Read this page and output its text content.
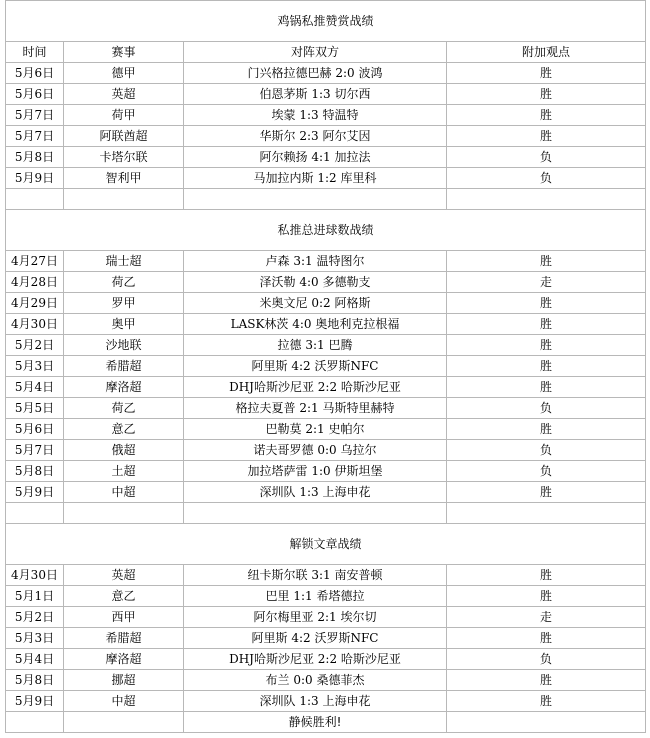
鸡锅私推赞赏战绩			
时间	赛事	对阵双方	附加观点
5月6日	德甲	门兴格拉德巴赫 2:0 波鸿	胜
5月6日	英超	伯恩茅斯 1:3 切尔西	胜
5月7日	荷甲	埃蒙 1:3 特温特	胜
5月7日	阿联酋超	华斯尔 2:3 阿尔艾因	胜
5月8日	卡塔尔联	阿尔赖扬 4:1 加拉法	负
5月9日	智利甲	马加拉内斯 1:2 库里科	负

私推总进球数战绩			
4月27日	瑞士超	卢森 3:1 温特图尔	胜
4月28日	荷乙	泽沃勒 4:0 多德勒支	走
4月29日	罗甲	米奥文尼 0:2 阿格斯	胜
4月30日	奥甲	LASK林茨 4:0 奥地利克拉根福	胜
5月2日	沙地联	拉德 3:1 巴腾	胜
5月3日	希腊超	阿里斯 4:2 沃罗斯NFC	胜
5月4日	摩洛超	DHJ哈斯沙尼亚 2:2 哈斯沙尼亚	胜
5月5日	荷乙	格拉夫夏普 2:1 马斯特里赫特	负
5月6日	意乙	巴勒莫 2:1 史帕尔	胜
5月7日	俄超	诺夫哥罗德 0:0 乌拉尔	负
5月8日	土超	加拉塔萨雷 1:0 伊斯坦堡	负
5月9日	中超	深圳队 1:3 上海申花	胜

解锁文章战绩			
4月30日	英超	纽卡斯尔联 3:1 南安普顿	胜
5月1日	意乙	巴里 1:1 希塔德拉	胜
5月2日	西甲	阿尔梅里亚 2:1 埃尔切	走
5月3日	希腊超	阿里斯 4:2 沃罗斯NFC	胜
5月4日	摩洛超	DHJ哈斯沙尼亚 2:2 哈斯沙尼亚	负
5月8日	挪超	布兰 0:0 桑德菲杰	胜
5月9日	中超	深圳队 1:3 上海申花	胜
		静候胜利!	
